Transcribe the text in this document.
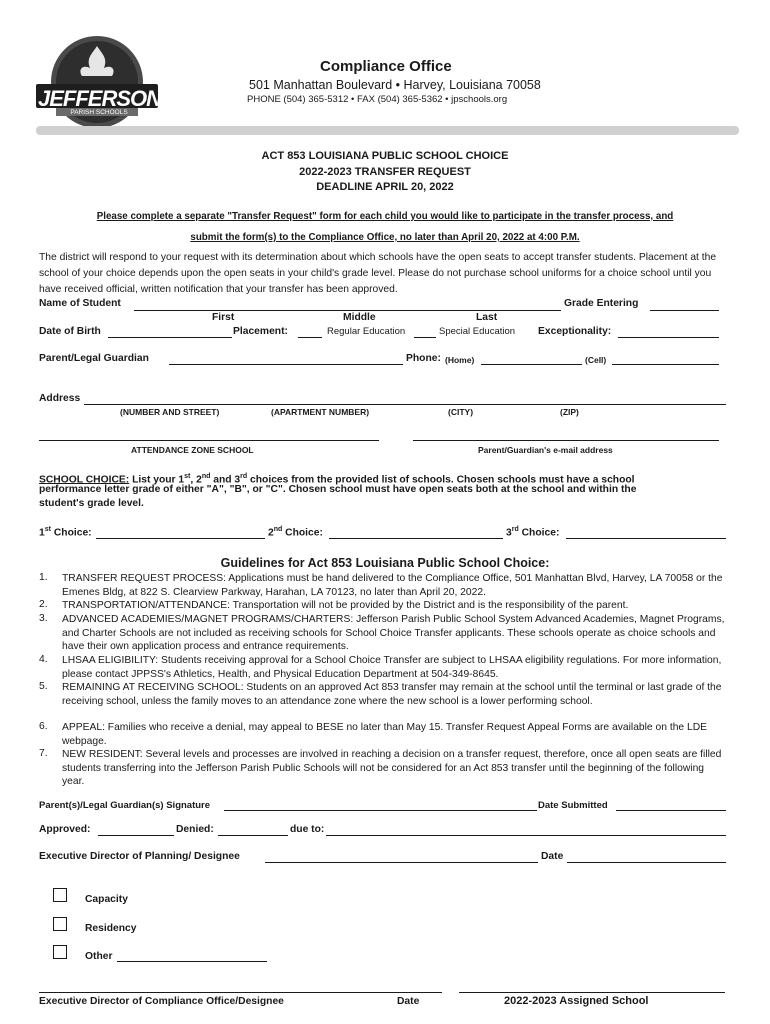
JEFFERSON
PARISH SCHOOLS
Compliance Office
501 Manhattan Boulevard • Harvey, Louisiana 70058
PHONE (504) 365-5312 • FAX (504) 365-5362 • jpschools.org
ACT 853 LOUISIANA PUBLIC SCHOOL CHOICE
2022-2023 TRANSFER REQUEST
DEADLINE APRIL 20, 2022
Please complete a separate "Transfer Request" form for each child you would like to participate in the transfer process, and
submit the form(s) to the Compliance Office, no later than April 20, 2022 at 4:00 P.M.
The district will respond to your request with its determination about which schools have the open seats to accept transfer students. Placement at the school of your choice depends upon the open seats in your child's grade level. Please do not purchase school uniforms for a choice school until you have received official, written notification that your transfer has been approved.
Name of Student	Grade Entering
First	Middle	Last
Date of Birth	Placement:	Regular Education	Special Education Exceptionality:
Parent/Legal Guardian	Phone: (Home)	(Cell)
Address
(NUMBER AND STREET)	(APARTMENT NUMBER)	(CITY)	(ZIP)
ATTENDANCE ZONE SCHOOL	Parent/Guardian's e-mail address
SCHOOL CHOICE: List your 1st, 2nd and 3rd choices from the provided list of schools. Chosen schools must have a school
performance letter grade of either "A", "B", or "C". Chosen school must have open seats both at the school and within the
student's grade level.
1st Choice:	2nd Choice:	3rd Choice:
Guidelines for Act 853 Louisiana Public School Choice:
1. TRANSFER REQUEST PROCESS: Applications must be hand delivered to the Compliance Office, 501 Manhattan Blvd, Harvey, LA 70058 or the Emenes Bldg, at 822 S. Clearview Parkway, Harahan, LA 70123, no later than April 20, 2022.
2. TRANSPORTATION/ATTENDANCE: Transportation will not be provided by the District and is the responsibility of the parent.
3. ADVANCED ACADEMIES/MAGNET PROGRAMS/CHARTERS: Jefferson Parish Public School System Advanced Academies, Magnet Programs, and Charter Schools are not included as receiving schools for School Choice Transfer applicants. These schools operate as choice schools and have their own application process and entrance requirements.
4. LHSAA ELIGIBILITY: Students receiving approval for a School Choice Transfer are subject to LHSAA eligibility regulations. For more information, please contact JPPSS's Athletics, Health, and Physical Education Department at 504-349-8645.
5. REMAINING AT RECEIVING SCHOOL: Students on an approved Act 853 transfer may remain at the school until the terminal or last grade of the receiving school, unless the family moves to an attendance zone where the new school is a lower performing school.
6. APPEAL: Families who receive a denial, may appeal to BESE no later than May 15. Transfer Request Appeal Forms are available on the LDE webpage.
7. NEW RESIDENT: Several levels and processes are involved in reaching a decision on a transfer request, therefore, once all open seats are filled students transferring into the Jefferson Parish Public Schools will not be considered for an Act 853 transfer until the beginning of the following year.
Parent(s)/Legal Guardian(s) Signature	Date Submitted
Approved:	Denied:	due to:
Executive Director of Planning/ Designee	Date
Capacity
Residency
Other
Executive Director of Compliance Office/Designee	Date	2022-2023 Assigned School
